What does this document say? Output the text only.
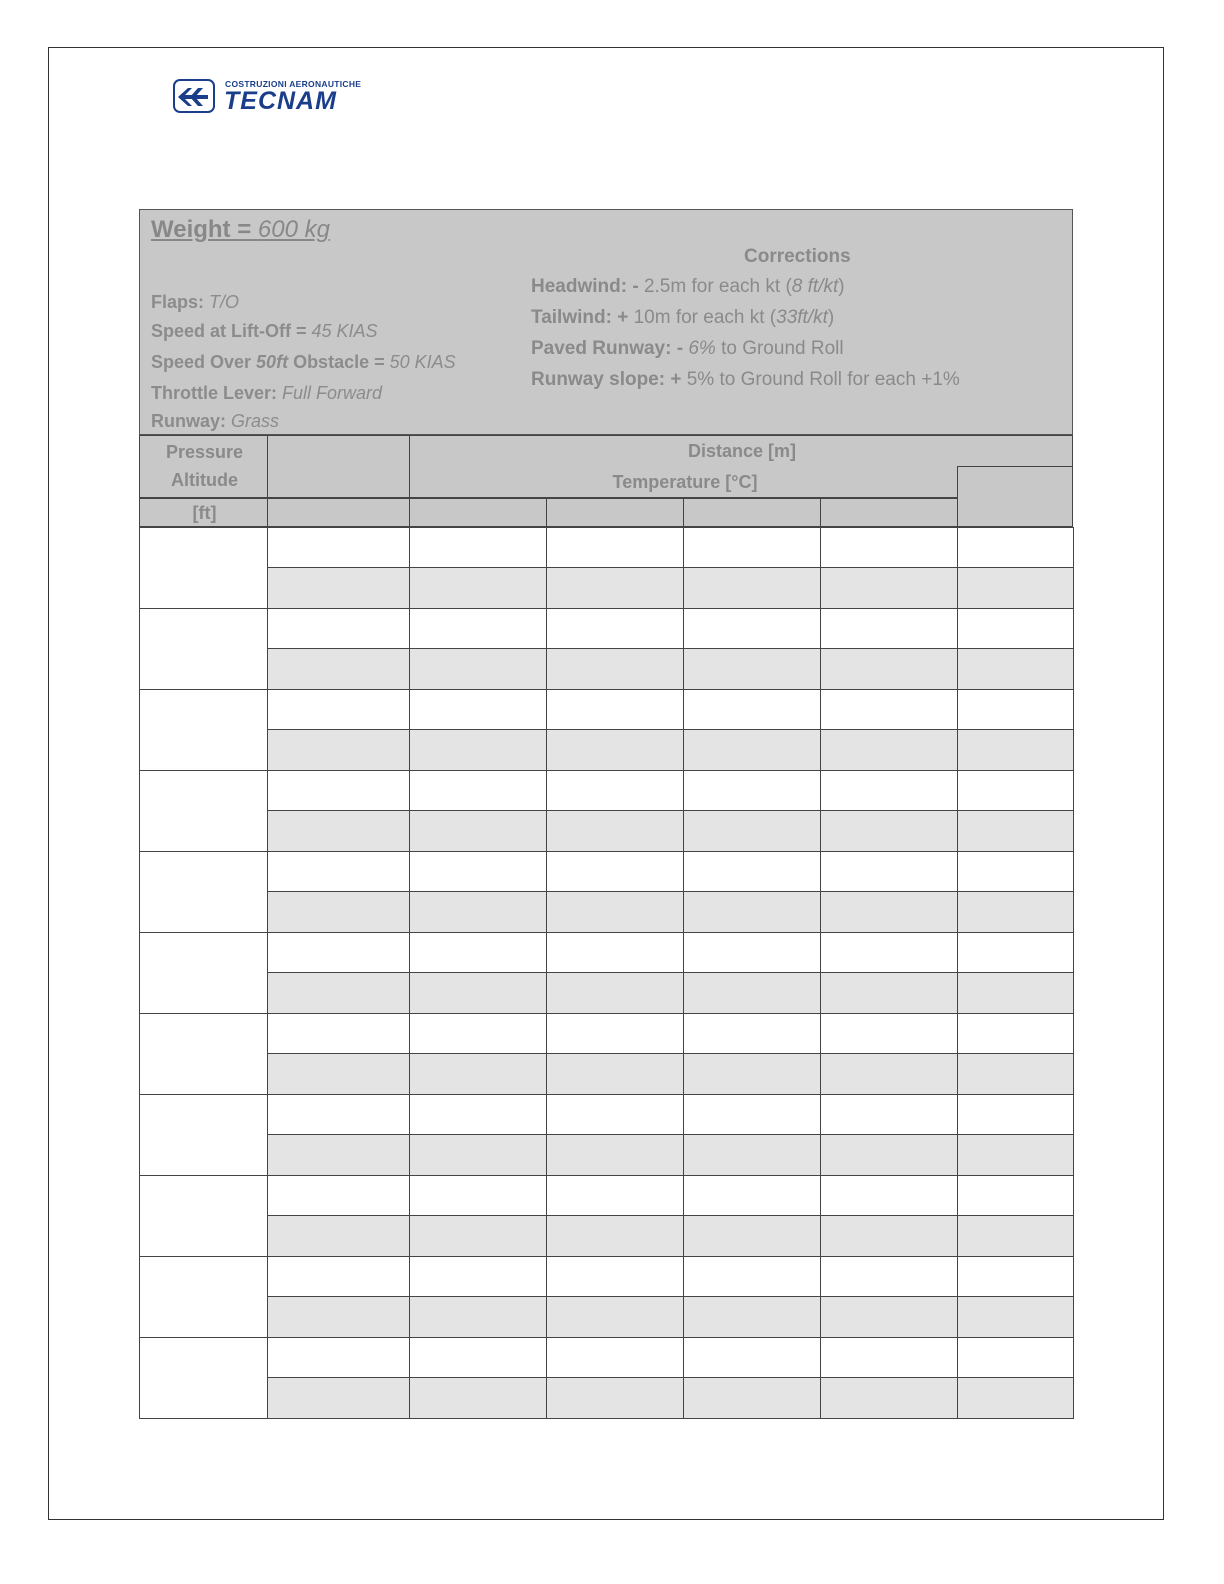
COSTRUZIONI AERONAUTICHE
TECNAM
Weight = 600 kg
Flaps: T/O
Speed at Lift-Off = 45 KIAS
Speed Over 50ft Obstacle = 50 KIAS
Throttle Lever: Full Forward
Runway: Grass
Corrections
Headwind: - 2.5m for each kt (8 ft/kt)
Tailwind: + 10m for each kt (33ft/kt)
Paved Runway: - 6% to Ground Roll
Runway slope: + 5% to Ground Roll for each +1%
Pressure
Altitude
[ft]
Distance [m]
Temperature [°C]
